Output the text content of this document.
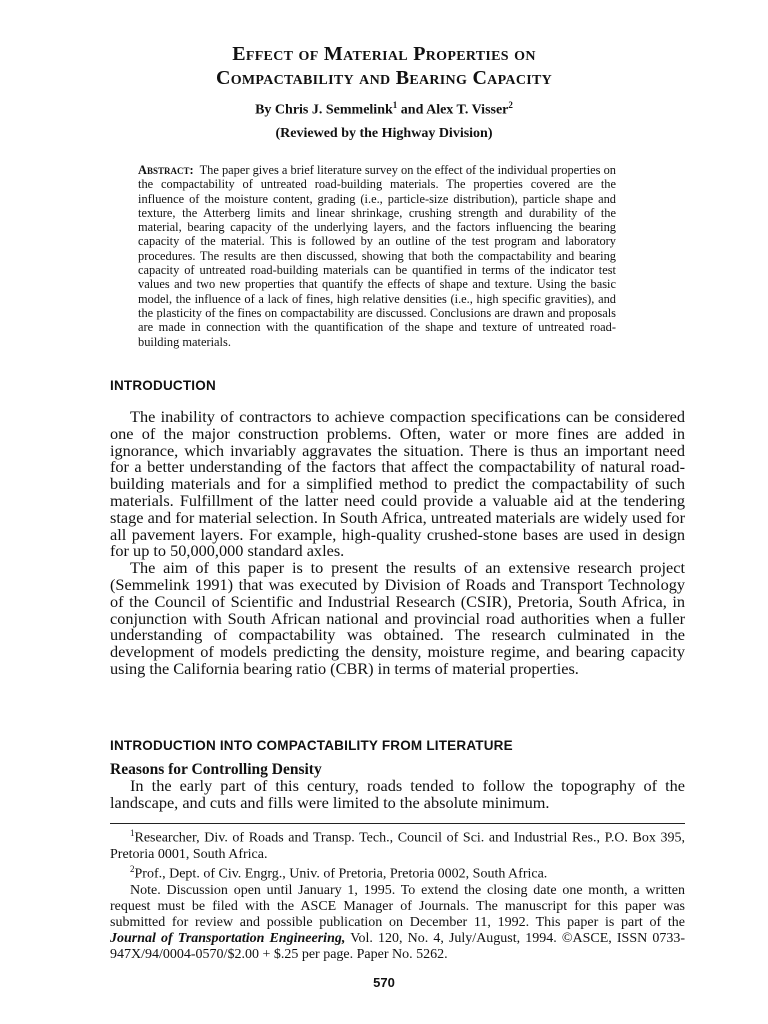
Effect of Material Properties on
Compactability and Bearing Capacity
By Chris J. Semmelink$^1$ and Alex T. Visser$^2$
(Reviewed by the Highway Division)
Abstract: The paper gives a brief literature survey on the effect of the individual properties on the compactability of untreated road-building materials. The properties covered are the influence of the moisture content, grading (i.e., particle-size distribution), particle shape and texture, the Atterberg limits and linear shrinkage, crushing strength and durability of the material, bearing capacity of the underlying layers, and the factors influencing the bearing capacity of the material. This is followed by an outline of the test program and laboratory procedures. The results are then discussed, showing that both the compactability and bearing capacity of untreated road-building materials can be quantified in terms of the indicator test values and two new properties that quantify the effects of shape and texture. Using the basic model, the influence of a lack of fines, high relative densities (i.e., high specific gravities), and the plasticity of the fines on compactability are discussed. Conclusions are drawn and proposals are made in connection with the quantification of the shape and texture of untreated road-building materials.
INTRODUCTION

The inability of contractors to achieve compaction specifications can be considered one of the major construction problems. Often, water or more fines are added in ignorance, which invariably aggravates the situation. There is thus an important need for a better understanding of the factors that affect the compactability of natural road-building materials and for a simplified method to predict the compactability of such materials. Fulfillment of the latter need could provide a valuable aid at the tendering stage and for material selection. In South Africa, untreated materials are widely used for all pavement layers. For example, high-quality crushed-stone bases are used in design for up to 50,000,000 standard axles.

The aim of this paper is to present the results of an extensive research project (Semmelink 1991) that was executed by Division of Roads and Transport Technology of the Council of Scientific and Industrial Research (CSIR), Pretoria, South Africa, in conjunction with South African national and provincial road authorities when a fuller understanding of compactability was obtained. The research culminated in the development of models predicting the density, moisture regime, and bearing capacity using the California bearing ratio (CBR) in terms of material properties.

INTRODUCTION INTO COMPACTABILITY FROM LITERATURE
Reasons for Controlling Density

In the early part of this century, roads tended to follow the topography of the landscape, and cuts and fills were limited to the absolute minimum.

$^1$Researcher, Div. of Roads and Transp. Tech., Council of Sci. and Industrial Res., P.O. Box 395, Pretoria 0001, South Africa.

$^2$Prof., Dept. of Civ. Engrg., Univ. of Pretoria, Pretoria 0002, South Africa.

Note. Discussion open until January 1, 1995. To extend the closing date one month, a written request must be filed with the ASCE Manager of Journals. The manuscript for this paper was submitted for review and possible publication on December 11, 1992. This paper is part of the Journal of Transportation Engineering, Vol. 120, No. 4, July/August, 1994. ©ASCE, ISSN 0733-947X/94/0004-0570/$2.00 + $.25 per page. Paper No. 5262.

570
